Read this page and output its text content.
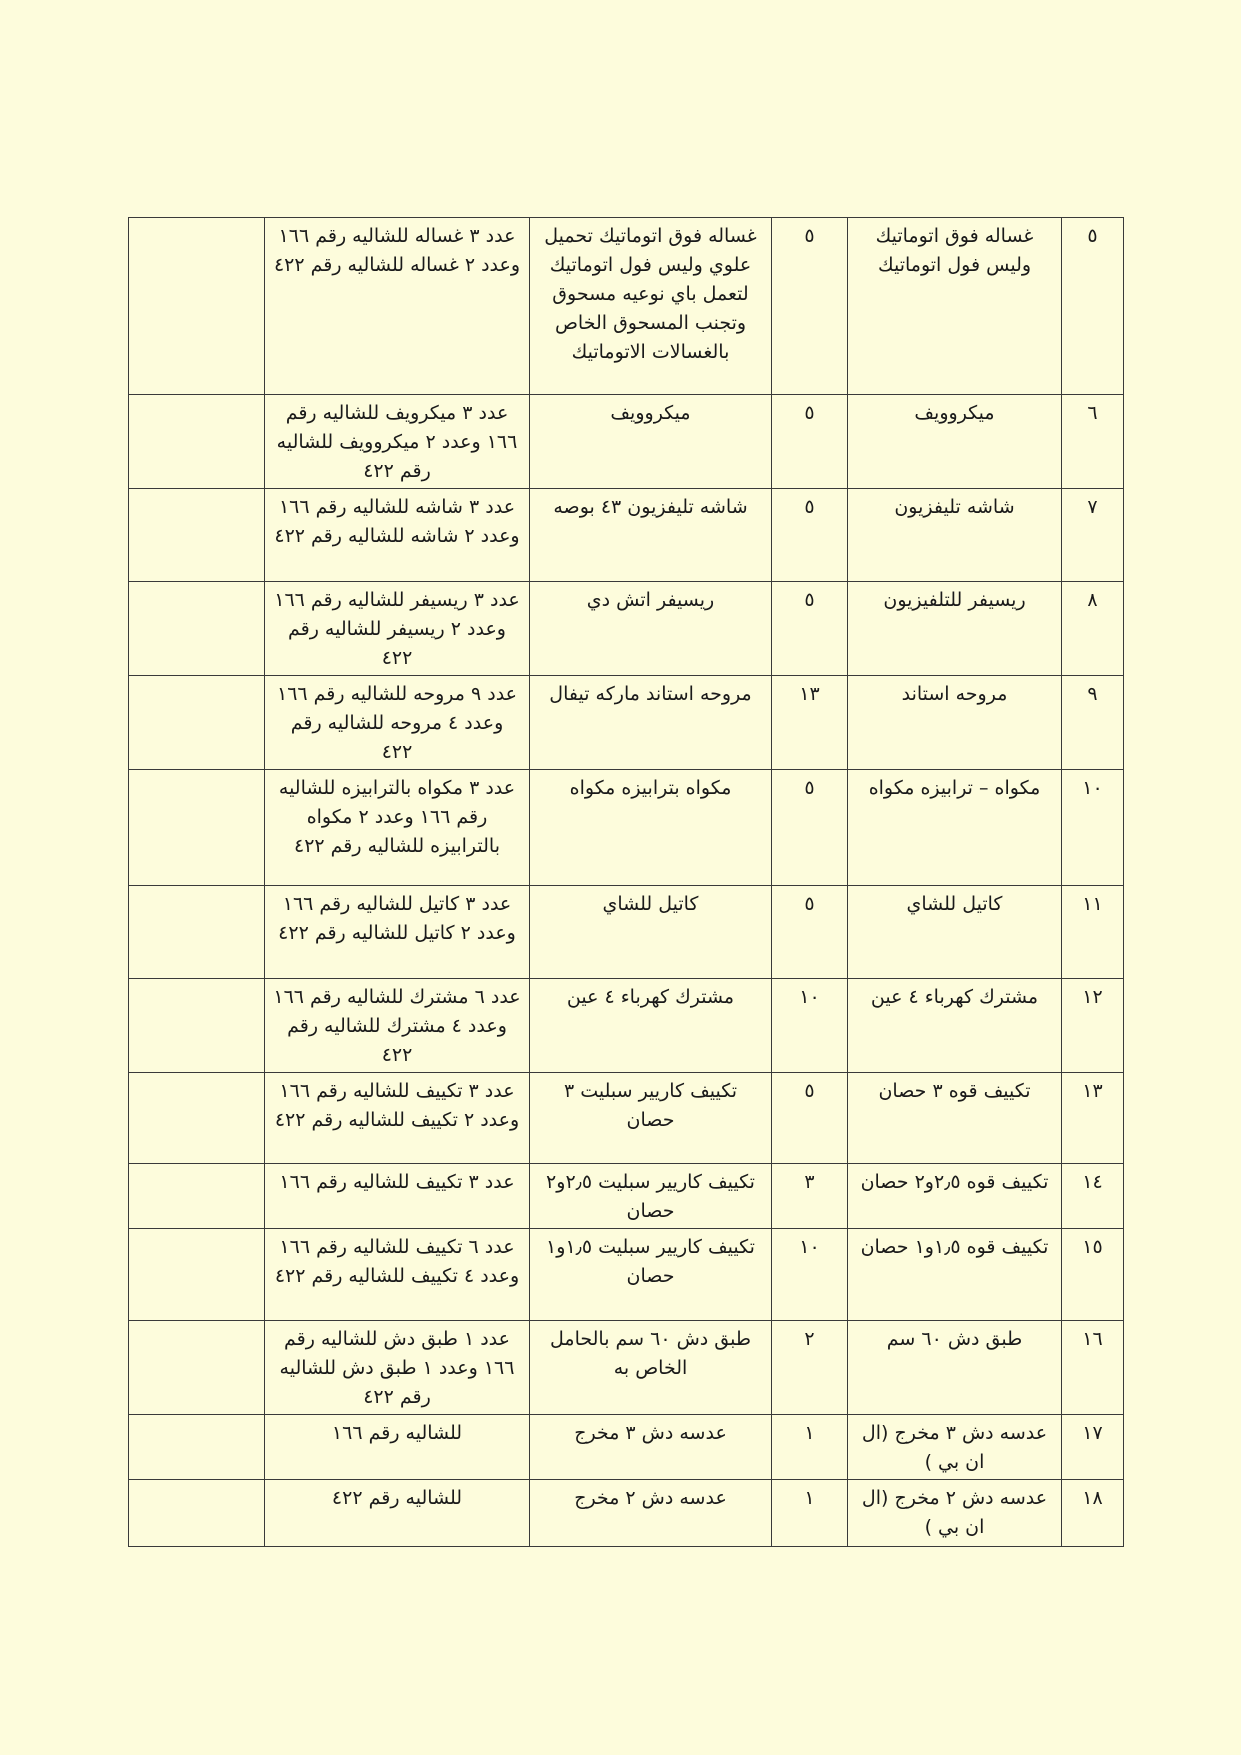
٥	غساله فوق اتوماتيك وليس فول اتوماتيك	٥	غساله فوق اتوماتيك تحميل علوي وليس فول اتوماتيك لتعمل باي نوعيه مسحوق وتجنب المسحوق الخاص بالغسالات الاتوماتيك	عدد ٣ غساله للشاليه رقم ١٦٦ وعدد ٢ غساله للشاليه رقم ٤٢٢	
٦	ميكروويف	٥	ميكروويف	عدد ٣ ميكرويف للشاليه رقم ١٦٦ وعدد ٢ ميكروويف للشاليه رقم ٤٢٢	
٧	شاشه تليفزيون	٥	شاشه تليفزيون ٤٣ بوصه	عدد ٣ شاشه للشاليه رقم ١٦٦ وعدد ٢ شاشه للشاليه رقم ٤٢٢	
٨	ريسيفر للتلفيزيون	٥	ريسيفر اتش دي	عدد ٣ ريسيفر للشاليه رقم ١٦٦ وعدد ٢ ريسيفر للشاليه رقم ٤٢٢	
٩	مروحه استاند	١٣	مروحه استاند ماركه تيفال	عدد ٩ مروحه للشاليه رقم ١٦٦ وعدد ٤ مروحه للشاليه رقم ٤٢٢	
١٠	مكواه – ترابيزه مكواه	٥	مكواه بترابيزه مكواه	عدد ٣ مكواه بالترابيزه للشاليه رقم ١٦٦ وعدد ٢ مكواه بالترابيزه للشاليه رقم ٤٢٢	
١١	كاتيل للشاي	٥	كاتيل للشاي	عدد ٣ كاتيل للشاليه رقم ١٦٦ وعدد ٢ كاتيل للشاليه رقم ٤٢٢	
١٢	مشترك كهرباء ٤ عين	١٠	مشترك كهرباء ٤ عين	عدد ٦ مشترك للشاليه رقم ١٦٦ وعدد ٤ مشترك للشاليه رقم ٤٢٢	
١٣	تكييف قوه ٣ حصان	٥	تكييف كاريير سبليت ٣ حصان	عدد ٣ تكييف للشاليه رقم ١٦٦ وعدد ٢ تكييف للشاليه رقم ٤٢٢	
١٤	تكييف قوه ٢٫٥و٢ حصان	٣	تكييف كاريير سبليت ٢٫٥و٢ حصان	عدد ٣ تكييف للشاليه رقم ١٦٦	
١٥	تكييف قوه ١٫٥و١ حصان	١٠	تكييف كاريير سبليت ١٫٥و١ حصان	عدد ٦ تكييف للشاليه رقم ١٦٦ وعدد ٤ تكييف للشاليه رقم ٤٢٢	
١٦	طبق دش ٦٠ سم	٢	طبق دش ٦٠ سم بالحامل الخاص به	عدد ١ طبق دش للشاليه رقم ١٦٦ وعدد ١ طبق دش للشاليه رقم ٤٢٢	
١٧	عدسه دش ٣ مخرج (ال ان بي )	١	عدسه دش ٣ مخرج	للشاليه رقم ١٦٦	
١٨	عدسه دش ٢ مخرج (ال ان بي )	١	عدسه دش ٢ مخرج	للشاليه رقم ٤٢٢	
